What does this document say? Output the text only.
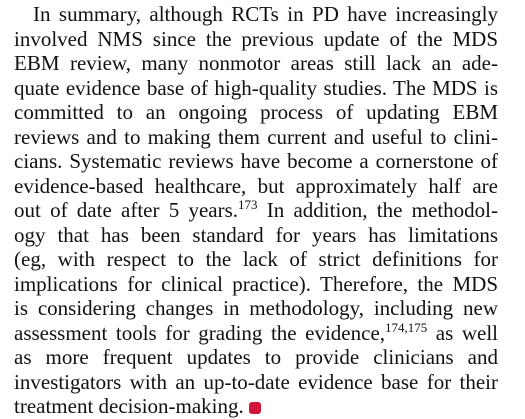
In summary, although RCTs in PD have increasingly
involved NMS since the previous update of the MDS
EBM review, many nonmotor areas still lack an ade-
quate evidence base of high-quality studies. The MDS is
committed to an ongoing process of updating EBM
reviews and to making them current and useful to clini-
cians. Systematic reviews have become a cornerstone of
evidence-based healthcare, but approximately half are
out of date after 5 years.$^{173}$ In addition, the methodol-
ogy that has been standard for years has limitations
(eg, with respect to the lack of strict definitions for
implications for clinical practice). Therefore, the MDS
is considering changes in methodology, including new
assessment tools for grading the evidence,$^{174,175}$ as well
as more frequent updates to provide clinicians and
investigators with an up-to-date evidence base for their
treatment decision-making.
